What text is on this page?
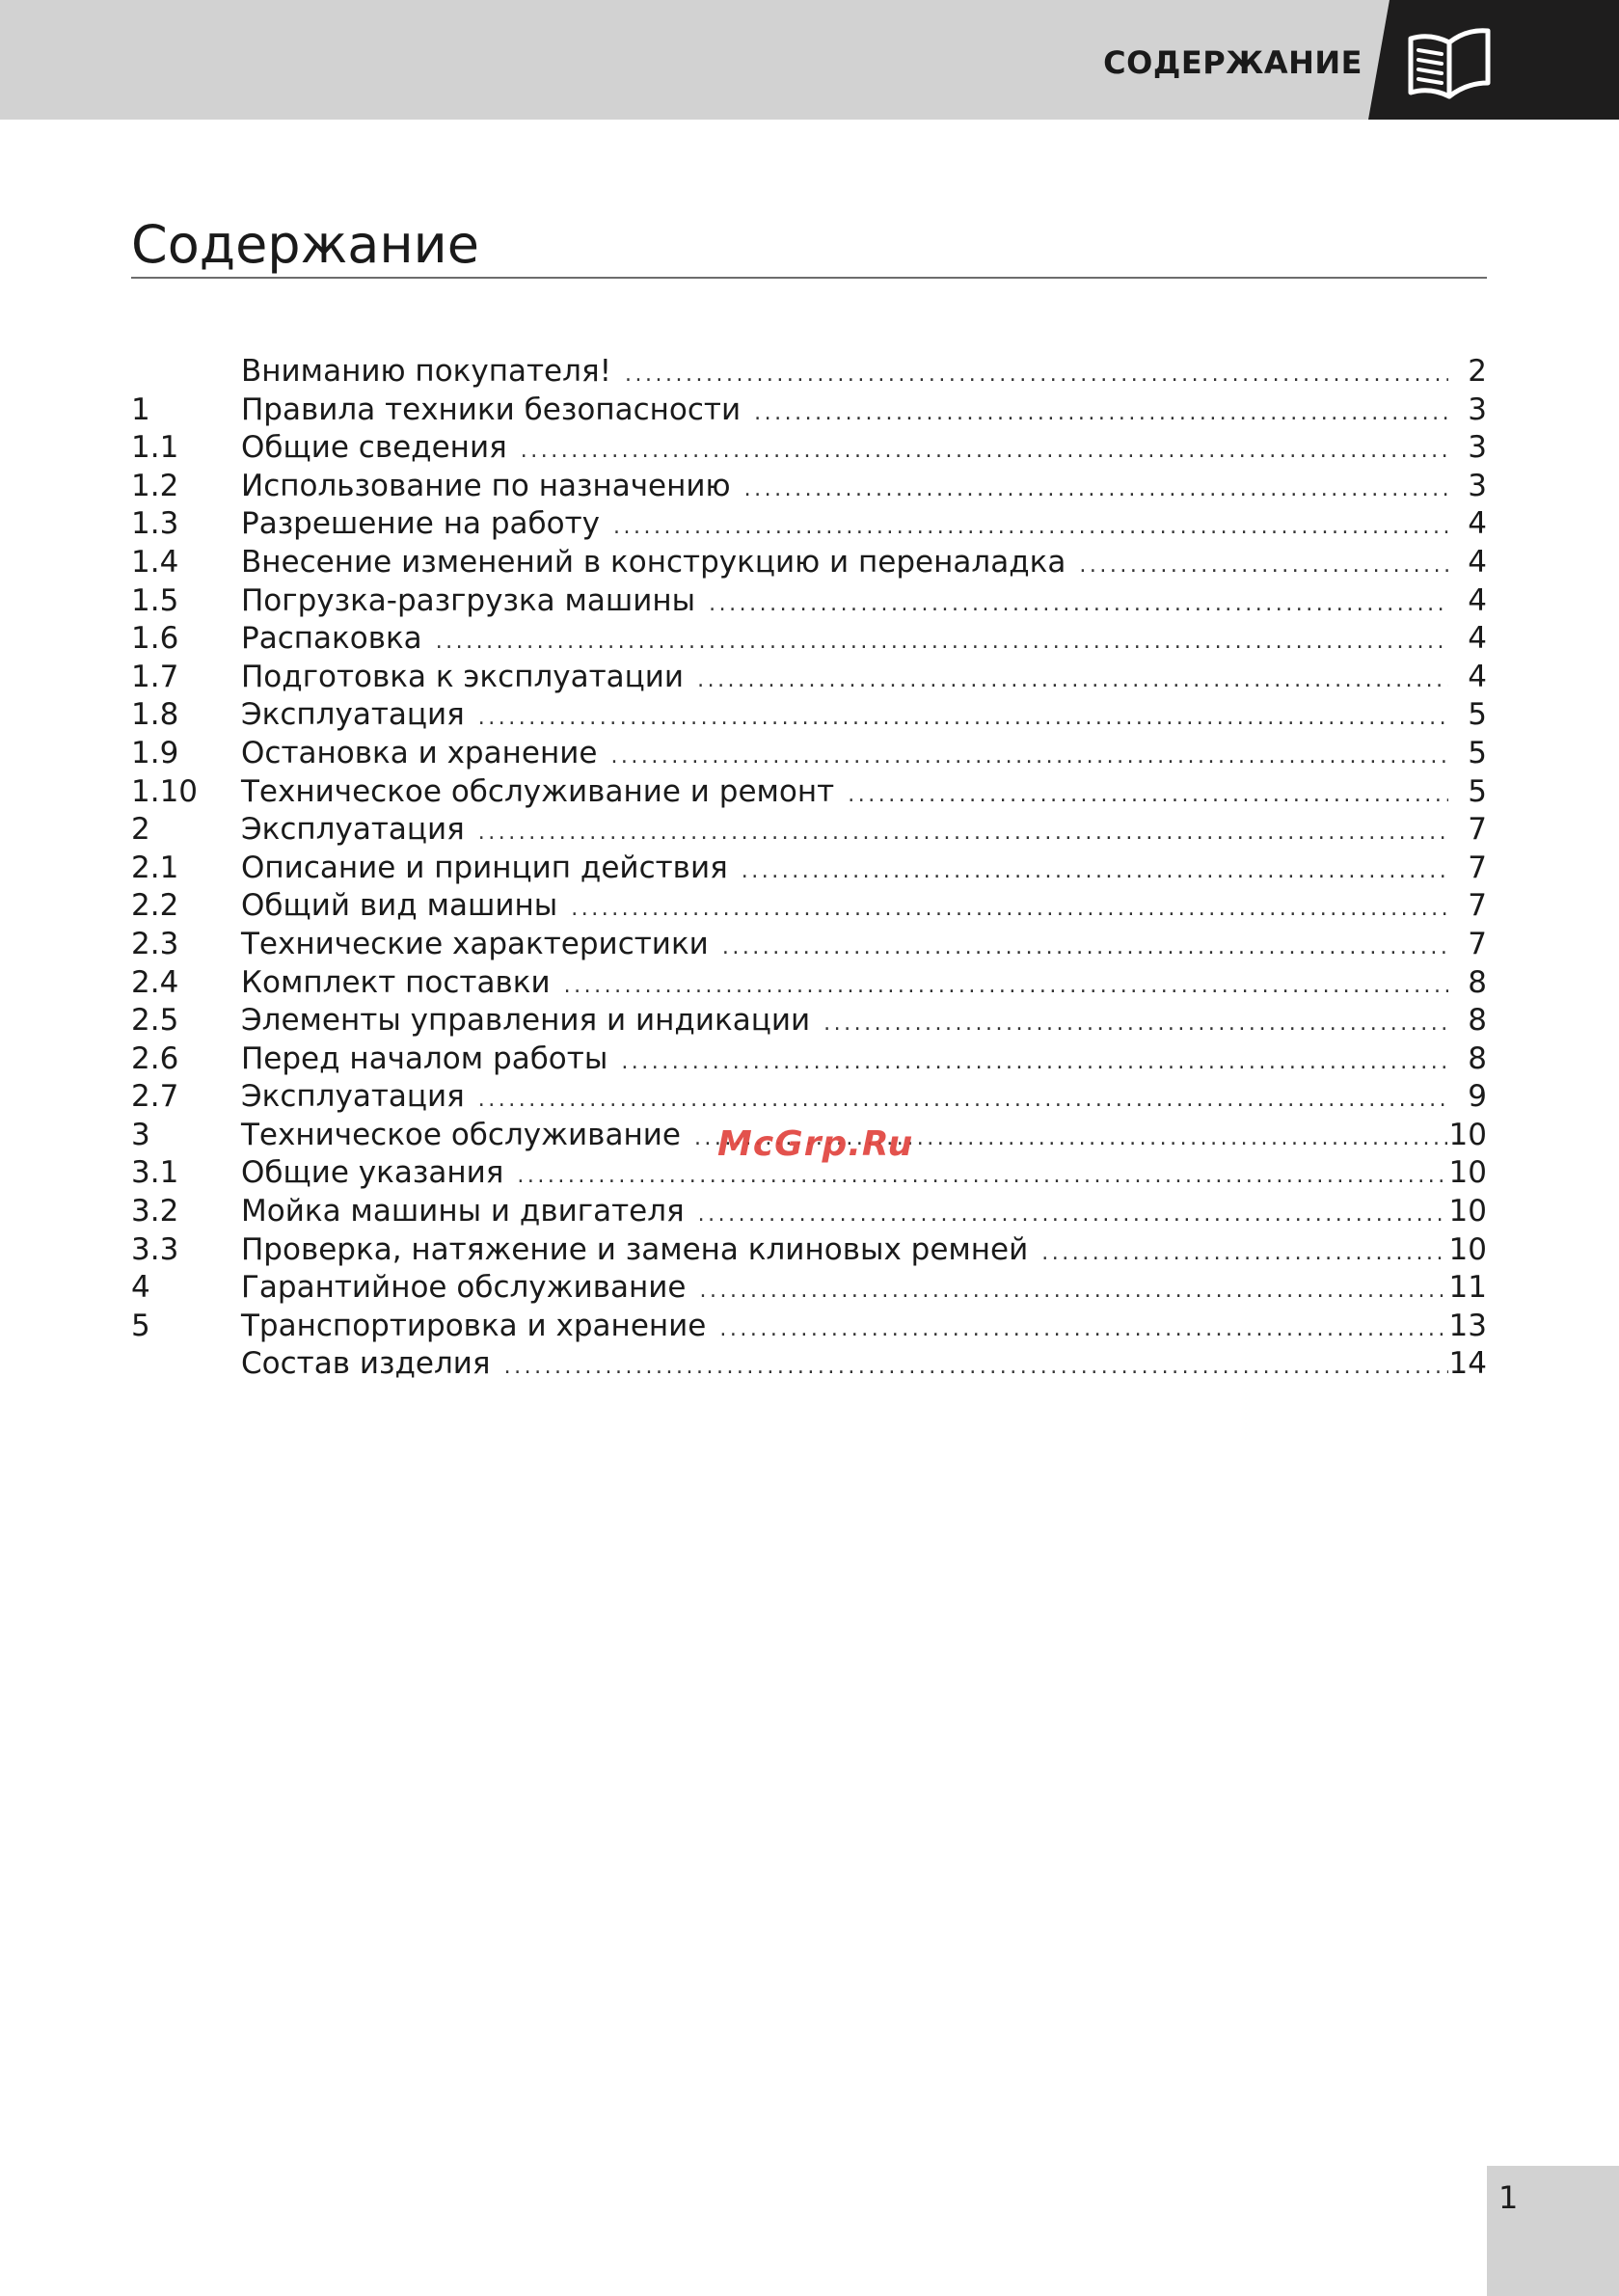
СОДЕРЖАНИЕ
Содержание
Вниманию покупателя! .....	2
1	Правила техники безопасности .....	3
1.1	Общие сведения .....	3
1.2	Использование по назначению .....	3
1.3	Разрешение на работу .....	4
1.4	Внесение изменений в конструкцию и переналадка .....	4
1.5	Погрузка-разгрузка машины .....	4
1.6	Распаковка .....	4
1.7	Подготовка к эксплуатации .....	4
1.8	Эксплуатация .....	5
1.9	Остановка и хранение .....	5
1.10	Техническое обслуживание и ремонт .....	5
2	Эксплуатация .....	7
2.1	Описание и принцип действия .....	7
2.2	Общий вид машины .....	7
2.3	Технические характеристики .....	7
2.4	Комплект поставки .....	8
2.5	Элементы управления и индикации .....	8
2.6	Перед началом работы .....	8
2.7	Эксплуатация .....	9
3	Техническое обслуживание .....	10
3.1	Общие указания .....	10
3.2	Мойка машины и двигателя .....	10
3.3	Проверка, натяжение и замена клиновых ремней .....	10
4	Гарантийное обслуживание .....	11
5	Транспортировка и хранение .....	13
Состав изделия .....	14
McGrp.Ru
1
